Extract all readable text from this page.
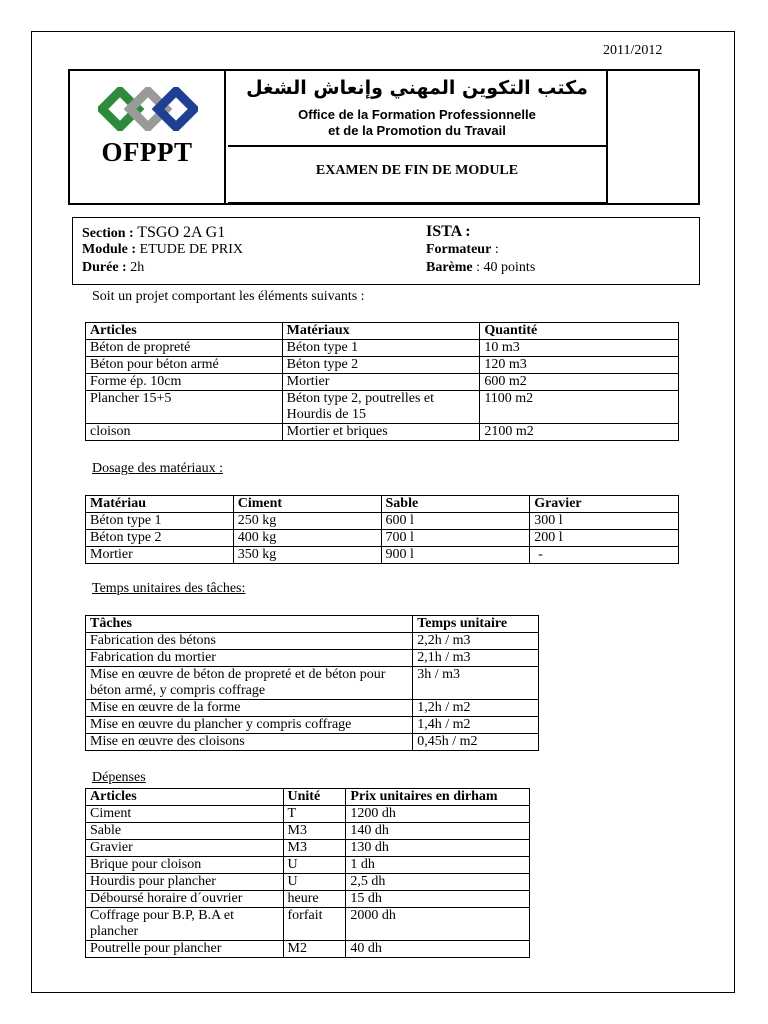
2011/2012
OFPPT
مكتب التكوين المهني وإنعاش الشغل
Office de la Formation Professionnelle
et de la Promotion du Travail
EXAMEN DE FIN DE MODULE
Section : TSGO 2A G1	ISTA :
Module : ETUDE DE PRIX	Formateur :
Durée : 2h	Barème : 40 points
Soit un projet comportant les éléments suivants :
Articles	Matériaux	Quantité
Béton de propreté	Béton type 1	10 m3
Béton pour béton armé	Béton type 2	120 m3
Forme ép. 10cm	Mortier	600 m2
Plancher 15+5	Béton type 2, poutrelles et Hourdis de 15	1100 m2
cloison	Mortier et briques	2100 m2
Dosage des matériaux :
Matériau	Ciment	Sable	Gravier
Béton type 1	250 kg	600 l	300 l
Béton type 2	400 kg	700 l	200 l
Mortier	350 kg	900 l	-
Temps unitaires des tâches:
Tâches	Temps unitaire
Fabrication des bétons	2,2h / m3
Fabrication du mortier	2,1h / m3
Mise en œuvre de béton de propreté et de béton pour béton armé, y compris coffrage	3h / m3
Mise en œuvre de la forme	1,2h / m2
Mise en œuvre du plancher y compris coffrage	1,4h / m2
Mise en œuvre des cloisons	0,45h / m2
Dépenses
Articles	Unité	Prix unitaires en dirham
Ciment	T	1200 dh
Sable	M3	140 dh
Gravier	M3	130 dh
Brique pour cloison	U	1 dh
Hourdis pour plancher	U	2,5 dh
Déboursé horaire d´ouvrier	heure	15 dh
Coffrage pour B.P, B.A et plancher	forfait	2000 dh
Poutrelle pour plancher	M2	40 dh
